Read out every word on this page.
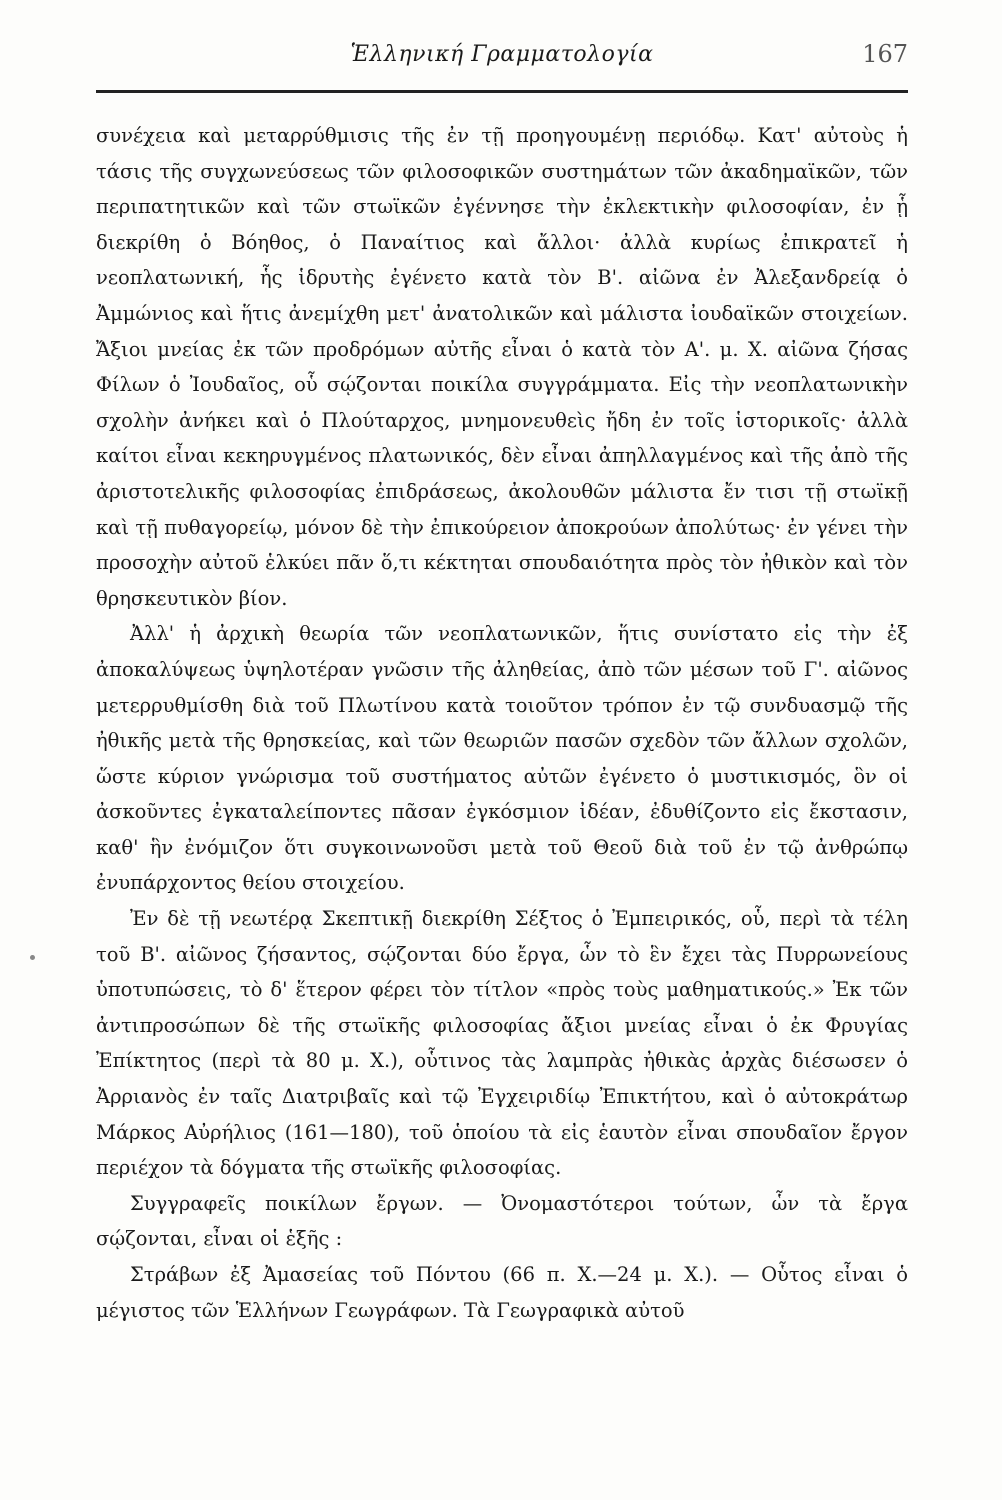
Ἑλληνική Γραμματολογία	167

συνέχεια καὶ μεταρρύθμισις τῆς ἐν τῇ προηγουμένῃ περιόδῳ. Κατ' αὐτοὺς ἡ τάσις τῆς συγχωνεύσεως τῶν φιλοσοφικῶν συστημάτων τῶν ἀκαδημαϊκῶν, τῶν περιπατητικῶν καὶ τῶν στωϊκῶν ἐγέννησε τὴν ἐκλεκτικὴν φιλοσοφίαν, ἐν ᾗ διεκρίθη ὁ Βόηθος, ὁ Παναίτιος καὶ ἄλλοι· ἀλλὰ κυρίως ἐπικρατεῖ ἡ νεοπλατωνική, ἧς ἱδρυτὴς ἐγένετο κατὰ τὸν Β'. αἰῶνα ἐν Ἀλεξανδρείᾳ ὁ Ἀμμώνιος καὶ ἥτις ἀνεμίχθη μετ' ἀνατολικῶν καὶ μάλιστα ἰουδαϊκῶν στοιχείων. Ἄξιοι μνείας ἐκ τῶν προδρόμων αὐτῆς εἶναι ὁ κατὰ τὸν Α'. μ. Χ. αἰῶνα ζήσας Φίλων ὁ Ἰουδαῖος, οὗ σῴζονται ποικίλα συγγράμματα. Εἰς τὴν νεοπλατωνικὴν σχολὴν ἀνήκει καὶ ὁ Πλούταρχος, μνημονευθεὶς ἤδη ἐν τοῖς ἱστορικοῖς· ἀλλὰ καίτοι εἶναι κεκηρυγμένος πλατωνικός, δὲν εἶναι ἀπηλλαγμένος καὶ τῆς ἀπὸ τῆς ἀριστοτελικῆς φιλοσοφίας ἐπιδράσεως, ἀκολουθῶν μάλιστα ἔν τισι τῇ στωϊκῇ καὶ τῇ πυθαγορείῳ, μόνον δὲ τὴν ἐπικούρειον ἀποκρούων ἀπολύτως· ἐν γένει τὴν προσοχὴν αὐτοῦ ἑλκύει πᾶν ὅ,τι κέκτηται σπουδαιότητα πρὸς τὸν ἠθικὸν καὶ τὸν θρησκευτικὸν βίον.

Ἀλλ' ἡ ἀρχικὴ θεωρία τῶν νεοπλατωνικῶν, ἥτις συνίστατο εἰς τὴν ἐξ ἀποκαλύψεως ὑψηλοτέραν γνῶσιν τῆς ἀληθείας, ἀπὸ τῶν μέσων τοῦ Γ'. αἰῶνος μετερρυθμίσθη διὰ τοῦ Πλωτίνου κατὰ τοιοῦτον τρόπον ἐν τῷ συνδυασμῷ τῆς ἠθικῆς μετὰ τῆς θρησκείας, καὶ τῶν θεωριῶν πασῶν σχεδὸν τῶν ἄλλων σχολῶν, ὥστε κύριον γνώρισμα τοῦ συστήματος αὐτῶν ἐγένετο ὁ μυστικισμός, ὃν οἱ ἀσκοῦντες ἐγκαταλείποντες πᾶσαν ἐγκόσμιον ἰδέαν, ἐδυθίζοντο εἰς ἔκστασιν, καθ' ἣν ἐνόμιζον ὅτι συγκοινωνοῦσι μετὰ τοῦ Θεοῦ διὰ τοῦ ἐν τῷ ἀνθρώπῳ ἐνυπάρχοντος θείου στοιχείου.

Ἐν δὲ τῇ νεωτέρᾳ Σκεπτικῇ διεκρίθη Σέξτος ὁ Ἐμπειρικός, οὗ, περὶ τὰ τέλη τοῦ Β'. αἰῶνος ζήσαντος, σῴζονται δύο ἔργα, ὧν τὸ ἓν ἔχει τὰς Πυρρωνείους ὑποτυπώσεις, τὸ δ' ἕτερον φέρει τὸν τίτλον «πρὸς τοὺς μαθηματικούς.» Ἐκ τῶν ἀντιπροσώπων δὲ τῆς στωϊκῆς φιλοσοφίας ἄξιοι μνείας εἶναι ὁ ἐκ Φρυγίας Ἐπίκτητος (περὶ τὰ 80 μ. Χ.), οὗτινος τὰς λαμπρὰς ἠθικὰς ἀρχὰς διέσωσεν ὁ Ἀρριανὸς ἐν ταῖς Διατριβαῖς καὶ τῷ Ἐγχειριδίῳ Ἐπικτήτου, καὶ ὁ αὐτοκράτωρ Μάρκος Αὐρήλιος (161—180), τοῦ ὁποίου τὰ εἰς ἑαυτὸν εἶναι σπουδαῖον ἔργον περιέχον τὰ δόγματα τῆς στωϊκῆς φιλοσοφίας.

Συγγραφεῖς ποικίλων ἔργων. — Ὀνομαστότεροι τούτων, ὧν τὰ ἔργα σῴζονται, εἶναι οἱ ἑξῆς :

Στράβων ἐξ Ἀμασείας τοῦ Πόντου (66 π. Χ.—24 μ. Χ.). — Οὗτος εἶναι ὁ μέγιστος τῶν Ἑλλήνων Γεωγράφων. Τὰ Γεωγραφικὰ αὐτοῦ
